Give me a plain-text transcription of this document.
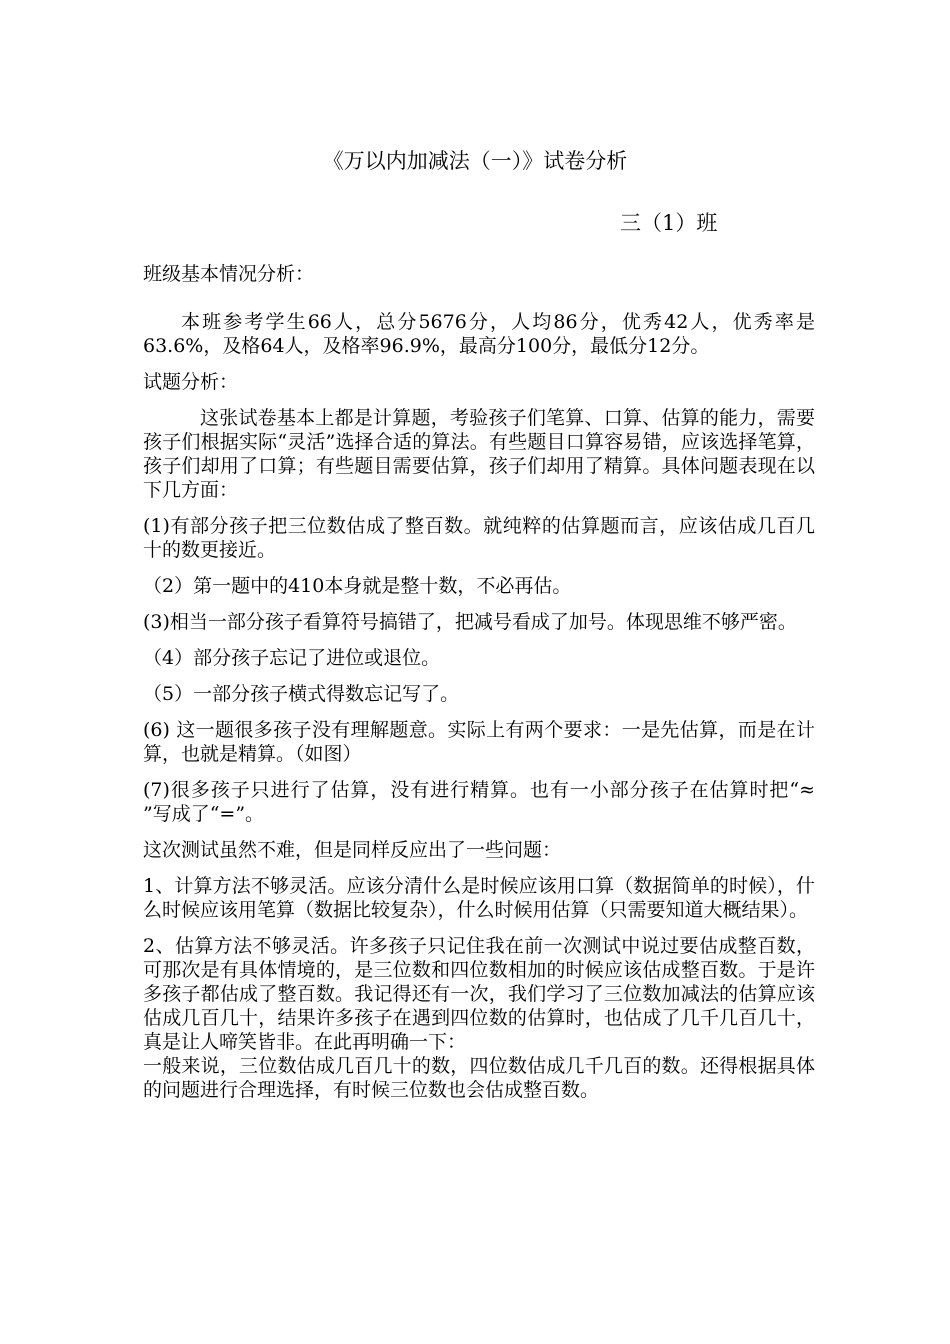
《万以内加减法（一）》试卷分析
三（1）班

班级基本情况分析：

本班参考学生66人，总分5676分，人均86分，优秀42人，优秀率是63.6%，及格64人，及格率96.9%，最高分100分，最低分12分。

试题分析：

这张试卷基本上都是计算题，考验孩子们笔算、口算、估算的能力，需要孩子们根据实际“灵活”选择合适的算法。有些题目口算容易错，应该选择笔算，孩子们却用了口算；有些题目需要估算，孩子们却用了精算。具体问题表现在以下几方面：

(1)有部分孩子把三位数估成了整百数。就纯粹的估算题而言，应该估成几百几十的数更接近。

（2）第一题中的410本身就是整十数，不必再估。

(3)相当一部分孩子看算符号搞错了，把减号看成了加号。体现思维不够严密。

（4）部分孩子忘记了进位或退位。

（5）一部分孩子横式得数忘记写了。

(6) 这一题很多孩子没有理解题意。实际上有两个要求：一是先估算，而是在计算，也就是精算。（如图）

(7)很多孩子只进行了估算，没有进行精算。也有一小部分孩子在估算时把“≈ ”写成了“=”。

这次测试虽然不难，但是同样反应出了一些问题：

1、计算方法不够灵活。应该分清什么是时候应该用口算（数据简单的时候），什么时候应该用笔算（数据比较复杂），什么时候用估算（只需要知道大概结果）。

2、估算方法不够灵活。许多孩子只记住我在前一次测试中说过要估成整百数，可那次是有具体情境的，是三位数和四位数相加的时候应该估成整百数。于是许多孩子都估成了整百数。我记得还有一次，我们学习了三位数加减法的估算应该估成几百几十，结果许多孩子在遇到四位数的估算时，也估成了几千几百几十，真是让人啼笑皆非。在此再明确一下：

一般来说，三位数估成几百几十的数，四位数估成几千几百的数。还得根据具体的问题进行合理选择，有时候三位数也会估成整百数。
